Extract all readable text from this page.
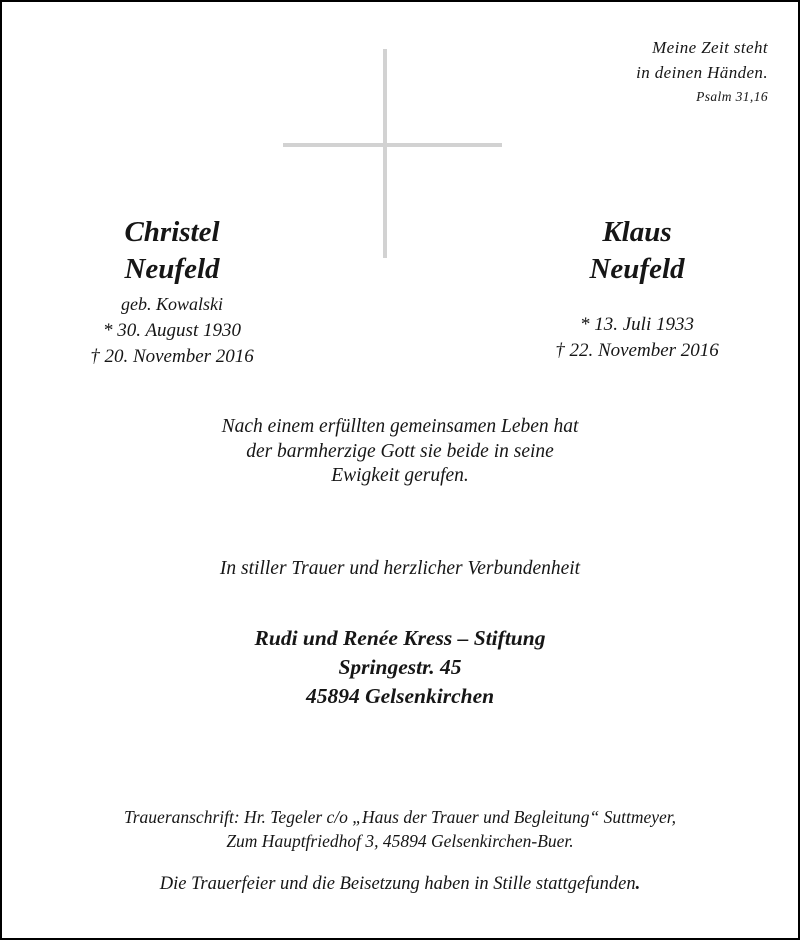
Meine Zeit steht
in deinen Händen.
Psalm 31,16
Christel
Neufeld
geb. Kowalski
* 30. August 1930
† 20. November 2016
Klaus
Neufeld
* 13. Juli 1933
† 22. November 2016
Nach einem erfüllten gemeinsamen Leben hat
der barmherzige Gott sie beide in seine
Ewigkeit gerufen.
In stiller Trauer und herzlicher Verbundenheit
Rudi und Renée Kress – Stiftung
Springestr. 45
45894 Gelsenkirchen
Traueranschrift: Hr. Tegeler c/o „Haus der Trauer und Begleitung“ Suttmeyer,
Zum Hauptfriedhof 3, 45894 Gelsenkirchen-Buer.
Die Trauerfeier und die Beisetzung haben in Stille stattgefunden.
